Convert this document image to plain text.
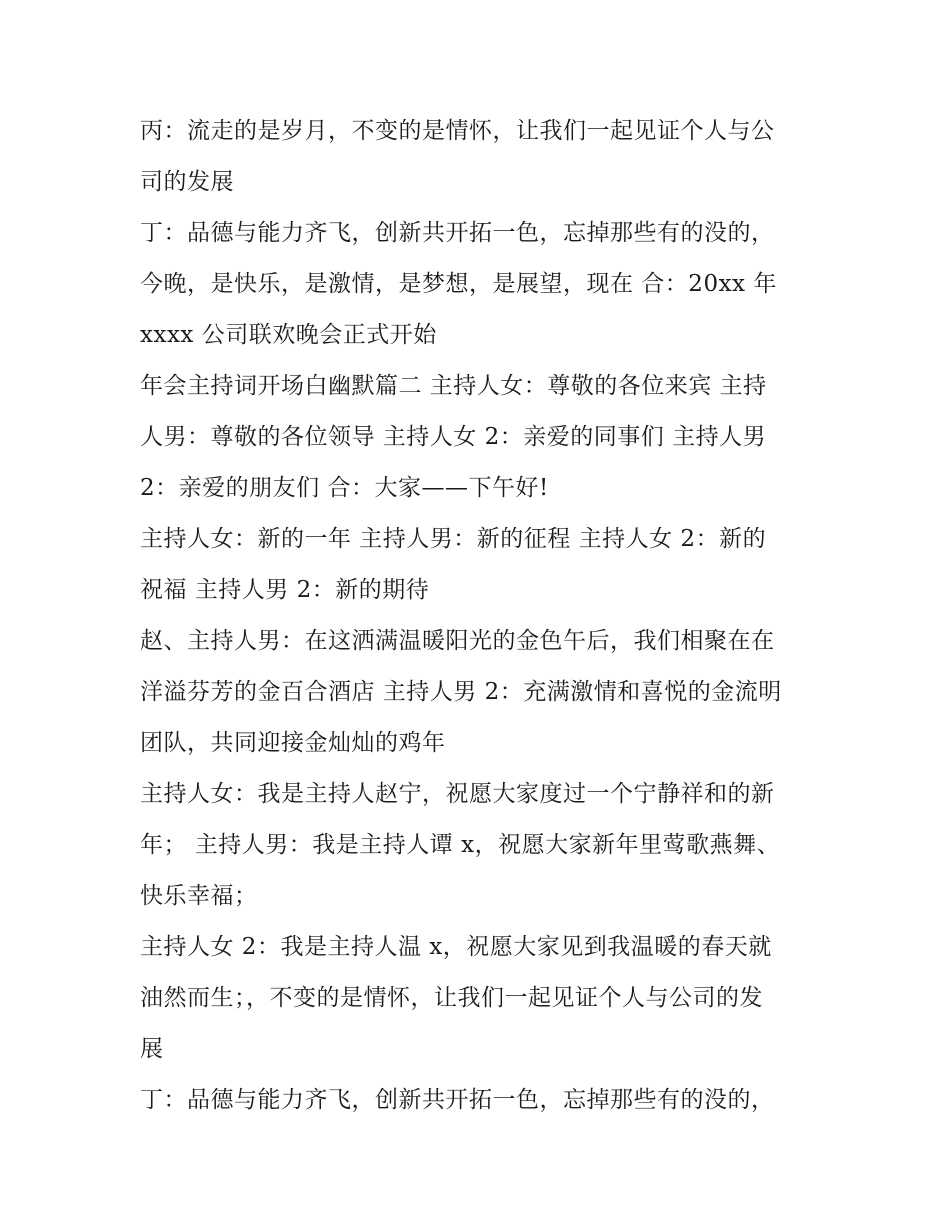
丙：流走的是岁月，不变的是情怀，让我们一起见证个人与公
司的发展
丁：品德与能力齐飞，创新共开拓一色，忘掉那些有的没的，
今晚，是快乐，是激情，是梦想，是展望，现在 合：20xx 年
xxxx 公司联欢晚会正式开始
年会主持词开场白幽默篇二 主持人女：尊敬的各位来宾 主持
人男：尊敬的各位领导 主持人女 2：亲爱的同事们 主持人男
2：亲爱的朋友们 合：大家——下午好!
主持人女：新的一年 主持人男：新的征程 主持人女 2：新的
祝福 主持人男 2：新的期待
赵、主持人男：在这洒满温暖阳光的金色午后，我们相聚在在
洋溢芬芳的金百合酒店 主持人男 2：充满激情和喜悦的金流明
团队，共同迎接金灿灿的鸡年
主持人女：我是主持人赵宁，祝愿大家度过一个宁静祥和的新
年； 主持人男：我是主持人谭 x，祝愿大家新年里莺歌燕舞、
快乐幸福；
主持人女 2：我是主持人温 x，祝愿大家见到我温暖的春天就
油然而生；，不变的是情怀，让我们一起见证个人与公司的发
展
丁：品德与能力齐飞，创新共开拓一色，忘掉那些有的没的，
